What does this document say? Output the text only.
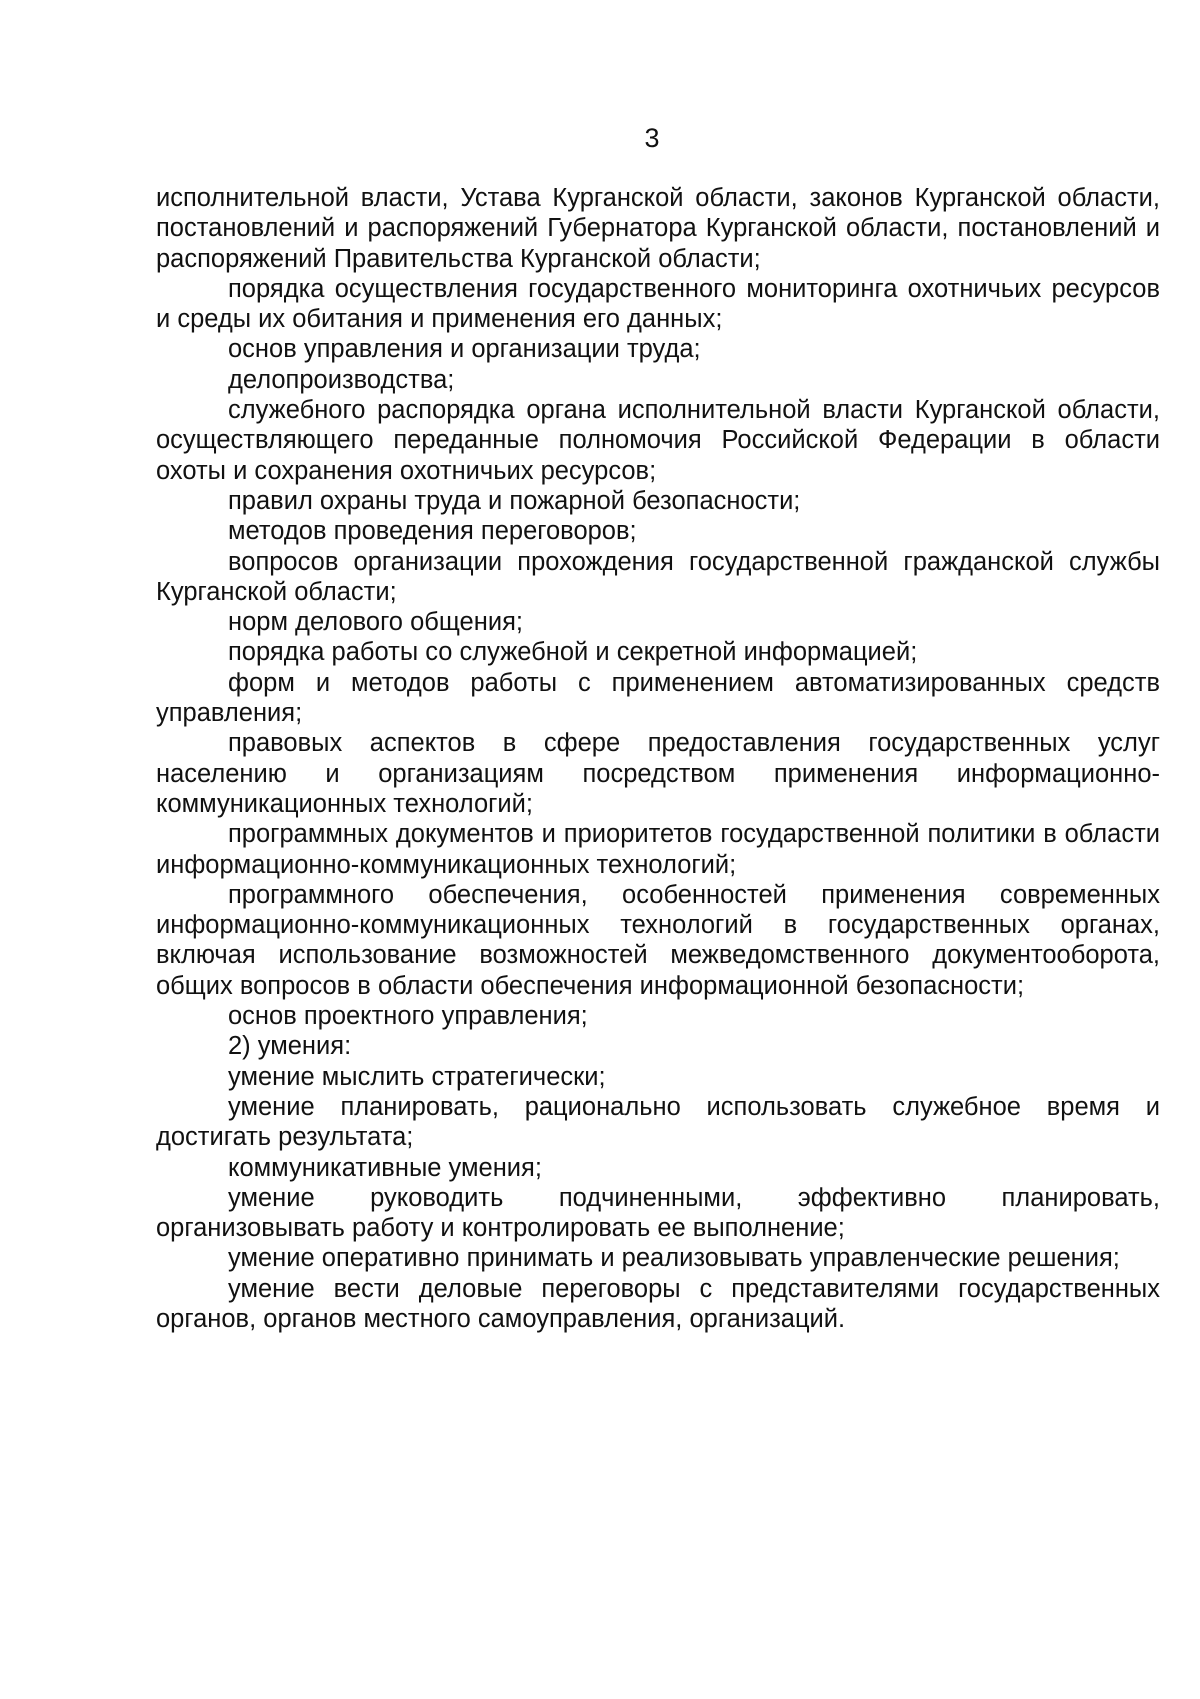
3

исполнительной власти, Устава Курганской области, законов Курганской области, постановлений и распоряжений Губернатора Курганской области, постановлений и распоряжений Правительства Курганской области;

порядка осуществления государственного мониторинга охотничьих ресурсов и среды их обитания и применения его данных;

основ управления и организации труда;

делопроизводства;

служебного распорядка органа исполнительной власти Курганской области, осуществляющего переданные полномочия Российской Федерации в области охоты и сохранения охотничьих ресурсов;

правил охраны труда и пожарной безопасности;

методов проведения переговоров;

вопросов организации прохождения государственной гражданской службы Курганской области;

норм делового общения;

порядка работы со служебной и секретной информацией;

форм и методов работы с применением автоматизированных средств управления;

правовых аспектов в сфере предоставления государственных услуг населению и организациям посредством применения информационно-коммуникационных технологий;

программных документов и приоритетов государственной политики в области информационно-коммуникационных технологий;

программного обеспечения, особенностей применения современных информационно-коммуникационных технологий в государственных органах, включая использование возможностей межведомственного документооборота, общих вопросов в области обеспечения информационной безопасности;

основ проектного управления;

2) умения:

умение мыслить стратегически;

умение планировать, рационально использовать служебное время и достигать результата;

коммуникативные умения;

умение руководить подчиненными, эффективно планировать, организовывать работу и контролировать ее выполнение;

умение оперативно принимать и реализовывать управленческие решения;

умение вести деловые переговоры с представителями государственных органов, органов местного самоуправления, организаций.
